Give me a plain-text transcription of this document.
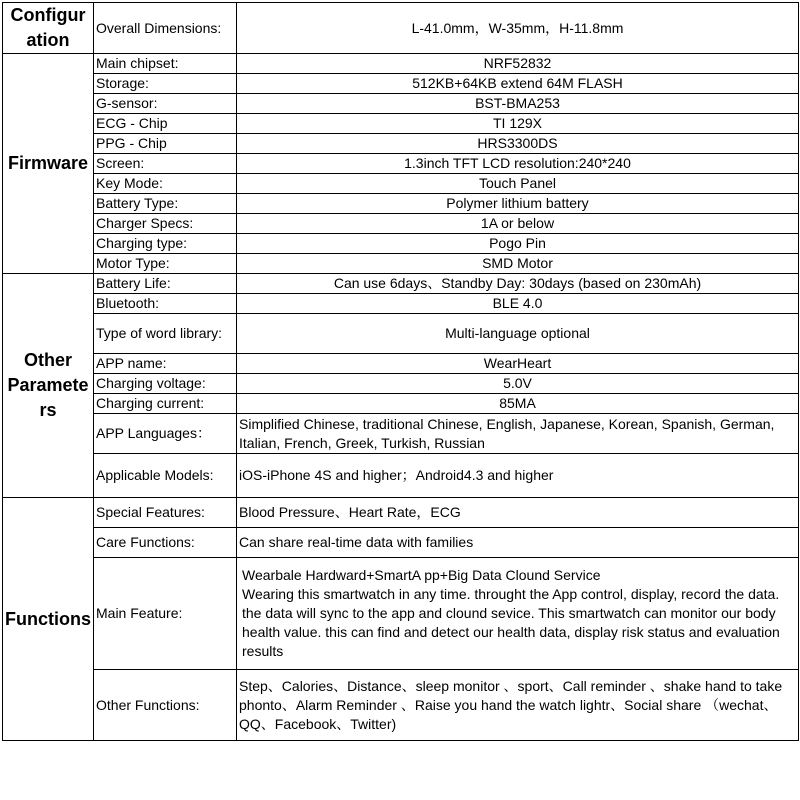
Configur
ation	Overall Dimensions:	L-41.0mm，W-35mm，H-11.8mm

Firmware	Main chipset:	NRF52832
	Storage:	512KB+64KB extend 64M FLASH
	G-sensor:	BST-BMA253
	ECG - Chip	TI 129X
	PPG - Chip	HRS3300DS
	Screen:	1.3inch TFT LCD resolution:240*240
	Key Mode:	Touch Panel
	Battery Type:	Polymer lithium battery
	Charger Specs:	1A or below
	Charging type:	Pogo Pin
	Motor Type:	SMD Motor

Other
Paramete
rs	Battery Life:	Can use 6days、Standby Day: 30days (based on 230mAh)
	Bluetooth:	BLE 4.0
	Type of word library:	Multi-language optional
	APP name:	WearHeart
	Charging voltage:	5.0V
	Charging current:	85MA
	APP Languages：	Simplified Chinese, traditional Chinese, English, Japanese, Korean, Spanish, German, Italian, French, Greek, Turkish, Russian
	Applicable Models:	iOS-iPhone 4S and higher；Android4.3 and higher

Functions	Special Features:	Blood Pressure、Heart Rate，ECG
	Care Functions:	Can share real-time data with families
	Main Feature:	Wearbale Hardward+SmartA pp+Big Data Clound Service
Wearing this smartwatch in any time. throught the App control, display, record the data. the data will sync to the app and clound sevice. This smartwatch can monitor our body health value. this can find and detect our health data, display risk status and evaluation results

	Other Functions:	Step、Calories、Distance、sleep monitor 、sport、Call reminder 、shake hand to take phonto、Alarm Reminder 、Raise you hand the watch lightr、Social share （wechat、QQ、Facebook、Twitter)
